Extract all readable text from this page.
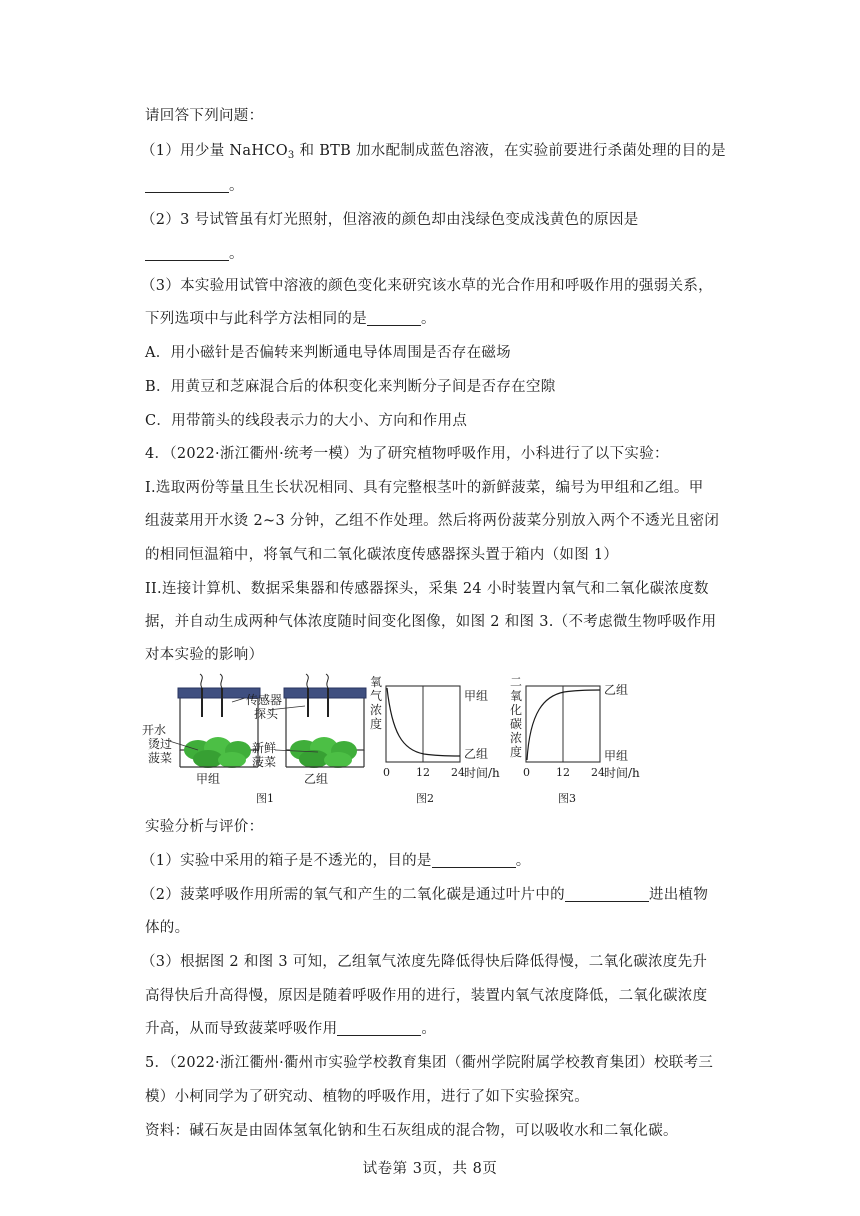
请回答下列问题：
（1）用少量 NaHCO$_3$ 和 BTB 加水配制成蓝色溶液，在实验前要进行杀菌处理的目的是
。
（2）3 号试管虽有灯光照射，但溶液的颜色却由浅绿色变成浅黄色的原因是
。
（3）本实验用试管中溶液的颜色变化来研究该水草的光合作用和呼吸作用的强弱关系，
下列选项中与此科学方法相同的是	。
A．用小磁针是否偏转来判断通电导体周围是否存在磁场
B．用黄豆和芝麻混合后的体积变化来判断分子间是否存在空隙
C．用带箭头的线段表示力的大小、方向和作用点
4．（2022·浙江衢州·统考一模）为了研究植物呼吸作用，小科进行了以下实验：
I.选取两份等量且生长状况相同、具有完整根茎叶的新鲜菠菜，编号为甲组和乙组。甲
组菠菜用开水烫 2~3 分钟，乙组不作处理。然后将两份菠菜分别放入两个不透光且密闭
的相同恒温箱中，将氧气和二氧化碳浓度传感器探头置于箱内（如图 1）
II.连接计算机、数据采集器和传感器探头，采集 24 小时装置内氧气和二氧化碳浓度数
据，并自动生成两种气体浓度随时间变化图像，如图 2 和图 3.（不考虑微生物呼吸作用
对本实验的影响）
传感器
探头
开水
烫过
菠菜
新鲜
菠菜
甲组	乙组
图1
氧
气
浓
度
甲组
乙组
0 12 24 时间/h
图2
二
氧
化
碳
浓
度
乙组
甲组
0 12 24 时间/h
图3
实验分析与评价：
（1）实验中采用的箱子是不透光的，目的是	。
（2）菠菜呼吸作用所需的氧气和产生的二氧化碳是通过叶片中的	进出植物
体的。
（3）根据图 2 和图 3 可知，乙组氧气浓度先降低得快后降低得慢，二氧化碳浓度先升
高得快后升高得慢，原因是随着呼吸作用的进行，装置内氧气浓度降低，二氧化碳浓度
升高，从而导致菠菜呼吸作用	。
5．（2022·浙江衢州·衢州市实验学校教育集团（衢州学院附属学校教育集团）校联考三
模）小柯同学为了研究动、植物的呼吸作用，进行了如下实验探究。
资料：碱石灰是由固体氢氧化钠和生石灰组成的混合物，可以吸收水和二氧化碳。
试卷第 3页，共 8页
